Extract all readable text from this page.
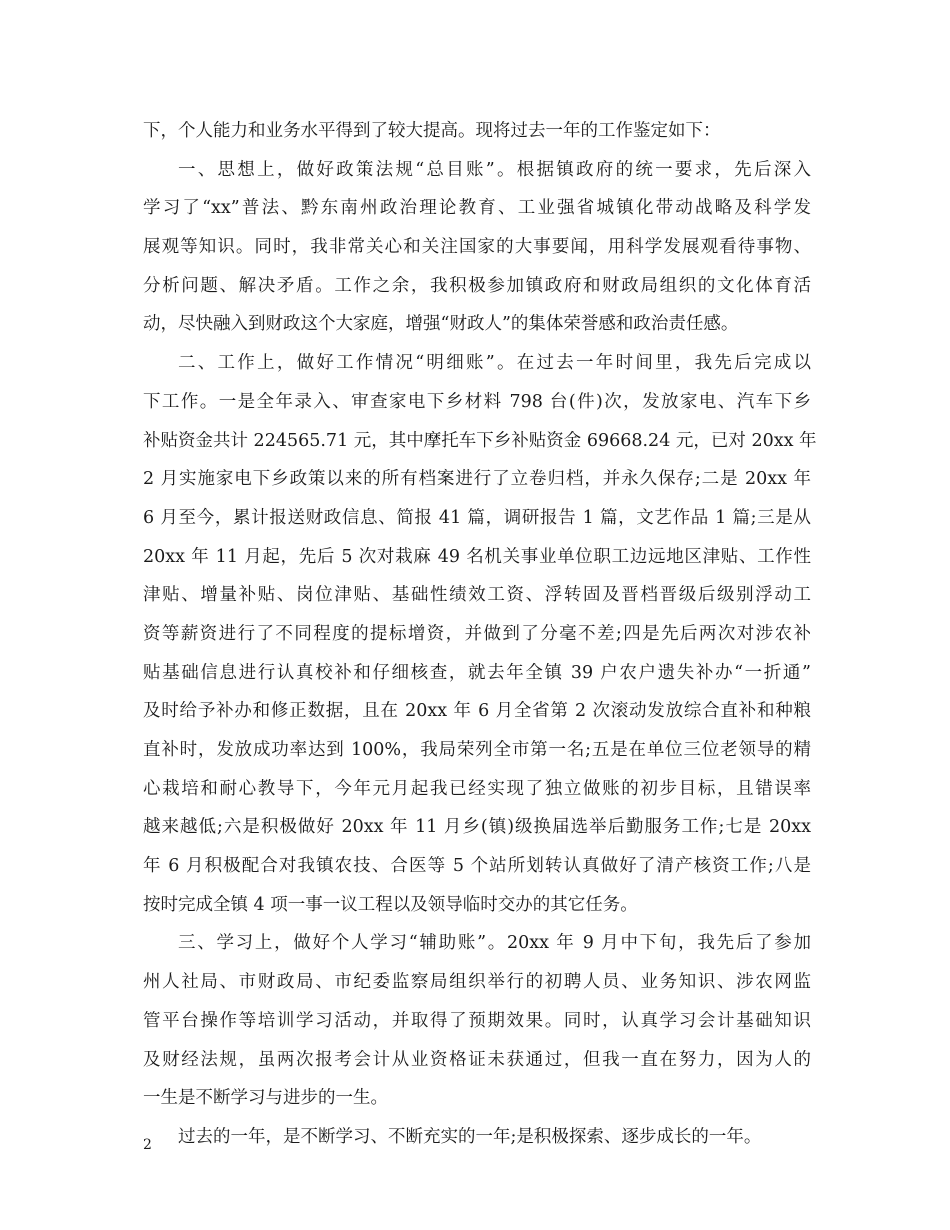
下，个人能力和业务水平得到了较大提高。现将过去一年的工作鉴定如下：
一、思想上，做好政策法规“总目账”。根据镇政府的统一要求，先后深入
学习了“xx”普法、黔东南州政治理论教育、工业强省城镇化带动战略及科学发
展观等知识。同时，我非常关心和关注国家的大事要闻，用科学发展观看待事物、
分析问题、解决矛盾。工作之余，我积极参加镇政府和财政局组织的文化体育活
动，尽快融入到财政这个大家庭，增强“财政人”的集体荣誉感和政治责任感。
二、工作上，做好工作情况“明细账”。在过去一年时间里，我先后完成以
下工作。一是全年录入、审查家电下乡材料 798 台(件)次，发放家电、汽车下乡
补贴资金共计 224565.71 元，其中摩托车下乡补贴资金 69668.24 元，已对 20xx 年
2 月实施家电下乡政策以来的所有档案进行了立卷归档，并永久保存;二是 20xx 年
6 月至今，累计报送财政信息、简报 41 篇，调研报告 1 篇，文艺作品 1 篇;三是从
20xx 年 11 月起，先后 5 次对栽麻 49 名机关事业单位职工边远地区津贴、工作性
津贴、增量补贴、岗位津贴、基础性绩效工资、浮转固及晋档晋级后级别浮动工
资等薪资进行了不同程度的提标增资，并做到了分毫不差;四是先后两次对涉农补
贴基础信息进行认真校补和仔细核查，就去年全镇 39 户农户遗失补办“一折通”
及时给予补办和修正数据，且在 20xx 年 6 月全省第 2 次滚动发放综合直补和种粮
直补时，发放成功率达到 100%，我局荣列全市第一名;五是在单位三位老领导的精
心栽培和耐心教导下，今年元月起我已经实现了独立做账的初步目标，且错误率
越来越低;六是积极做好 20xx 年 11 月乡(镇)级换届选举后勤服务工作;七是 20xx
年 6 月积极配合对我镇农技、合医等 5 个站所划转认真做好了清产核资工作;八是
按时完成全镇 4 项一事一议工程以及领导临时交办的其它任务。
三、学习上，做好个人学习“辅助账”。20xx 年 9 月中下旬，我先后了参加
州人社局、市财政局、市纪委监察局组织举行的初聘人员、业务知识、涉农网监
管平台操作等培训学习活动，并取得了预期效果。同时，认真学习会计基础知识
及财经法规，虽两次报考会计从业资格证未获通过，但我一直在努力，因为人的
一生是不断学习与进步的一生。
过去的一年，是不断学习、不断充实的一年;是积极探索、逐步成长的一年。
2
